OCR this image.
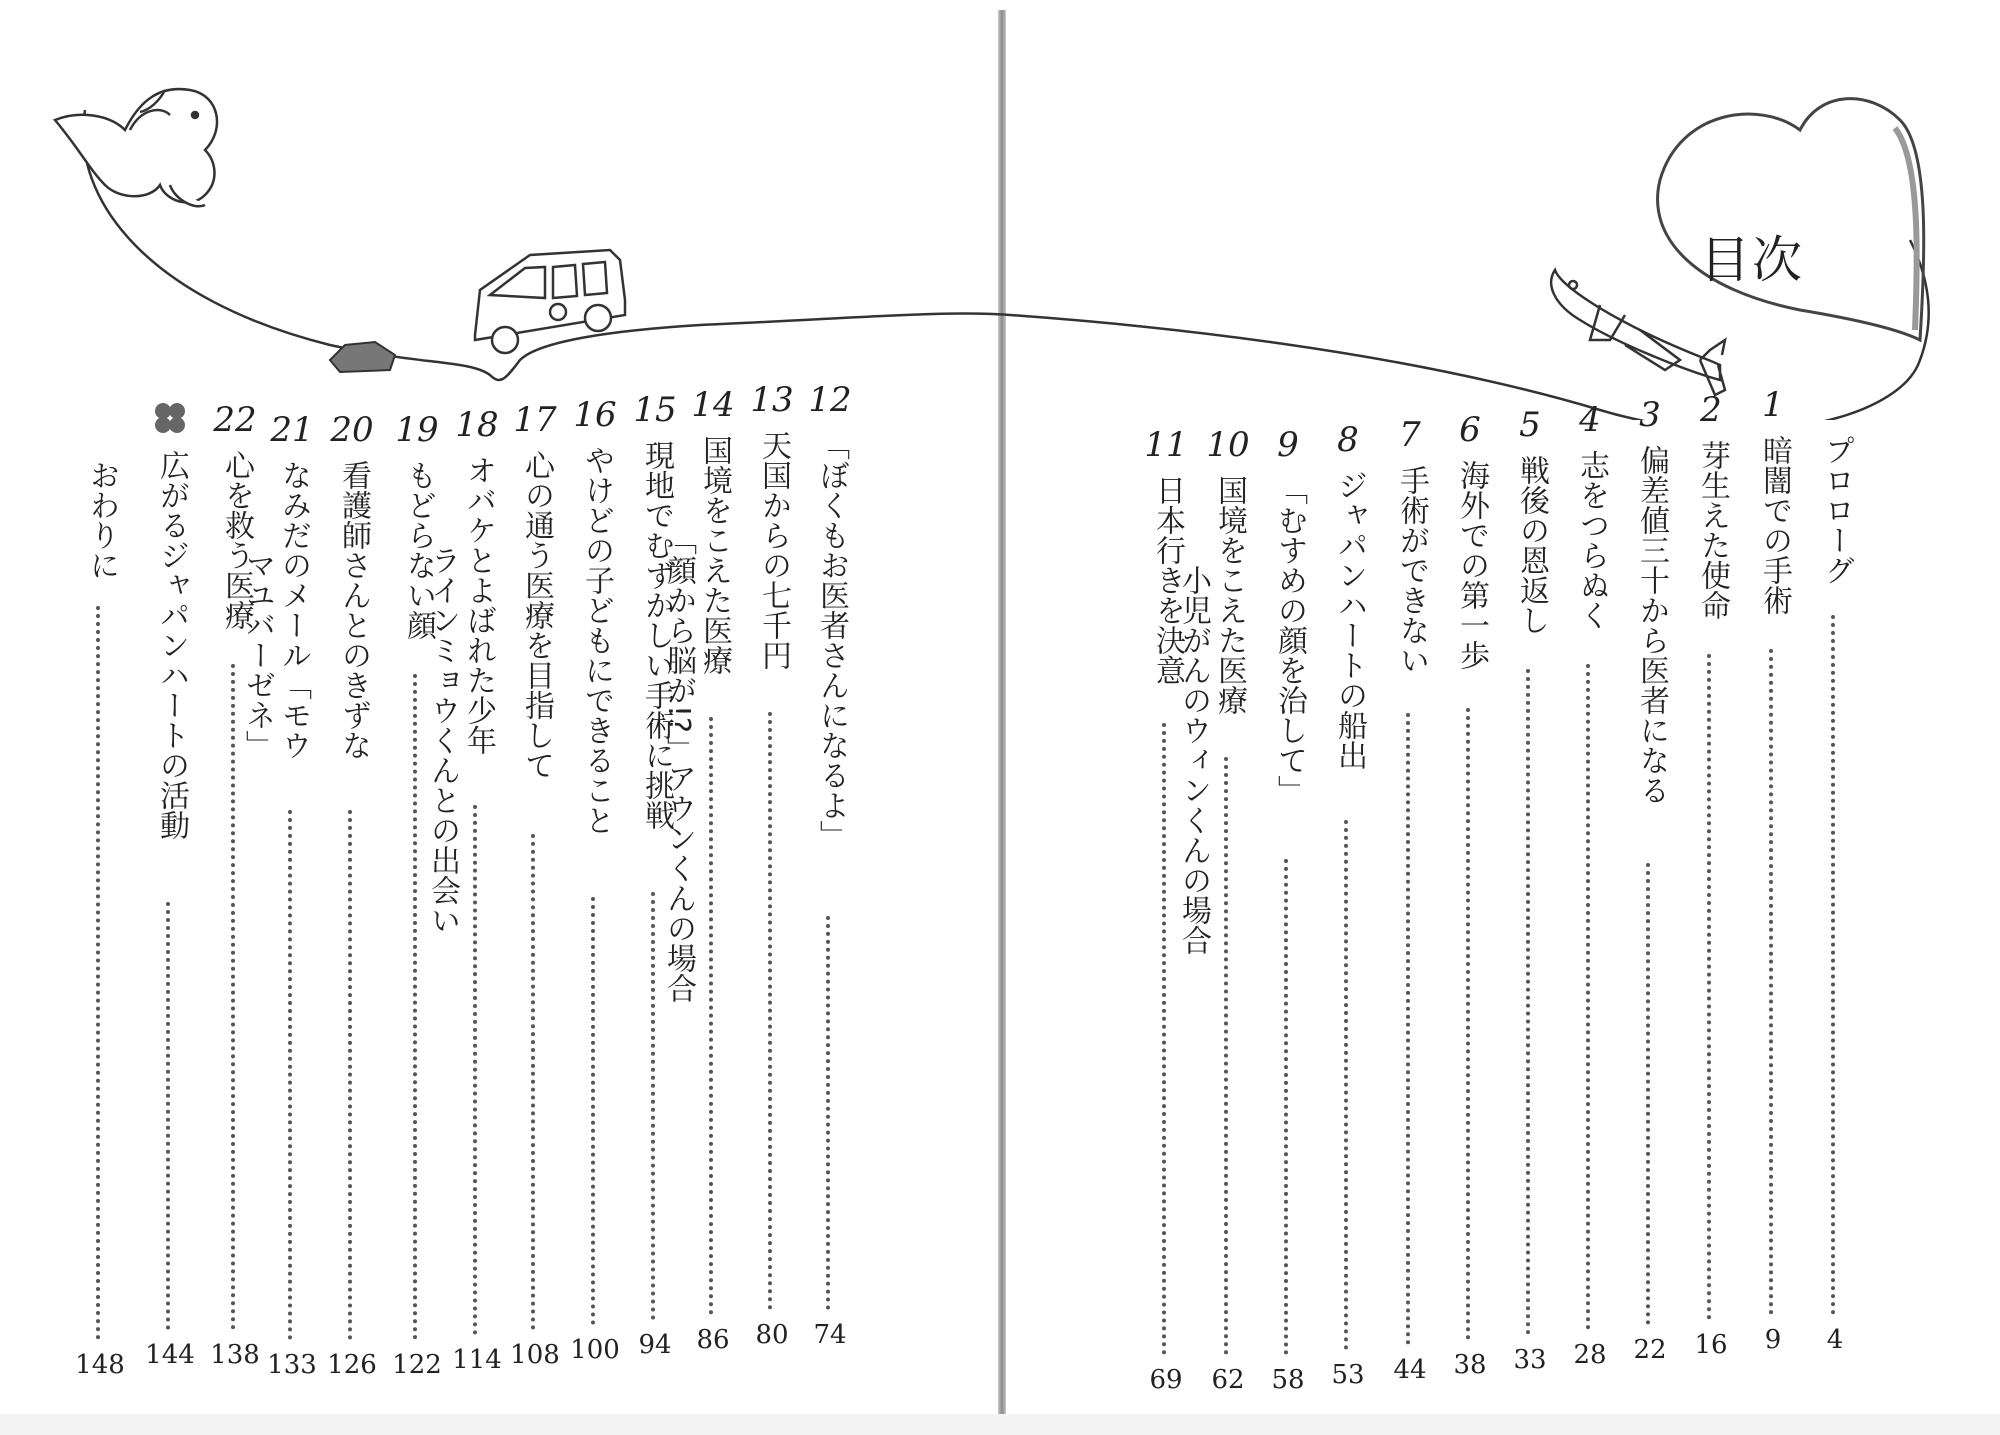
目次
プロローグ
4
1
暗闇での手術
9
2
芽生えた使命
16
3
偏差値三十から医者になる
22
4
志をつらぬく
28
5
戦後の恩返し
33
6
海外での第一歩
38
7
手術ができない
44
8
ジャパンハートの船出
53
9
「むすめの顔を治して」
58
10
国境をこえた医療
小児がんのウィンくんの場合
62
11
日本行きを決意
69
12
「ぼくもお医者さんになるよ」
74
13
天国からの七千円
80
14
国境をこえた医療
「顔から脳が!?」アウンくんの場合
86
15
現地でむずかしい手術に挑戦
94
16
やけどの子どもにできること
100
17
心の通う医療を目指して
108
18
オバケとよばれた少年
ラインミョウくんとの出会い
114
19
もどらない顔
122
20
看護師さんとのきずな
126
21
なみだのメール「モウ
マユバーゼネ」
133
22
心を救う医療
138
広がるジャパンハートの活動
144
おわりに
148
